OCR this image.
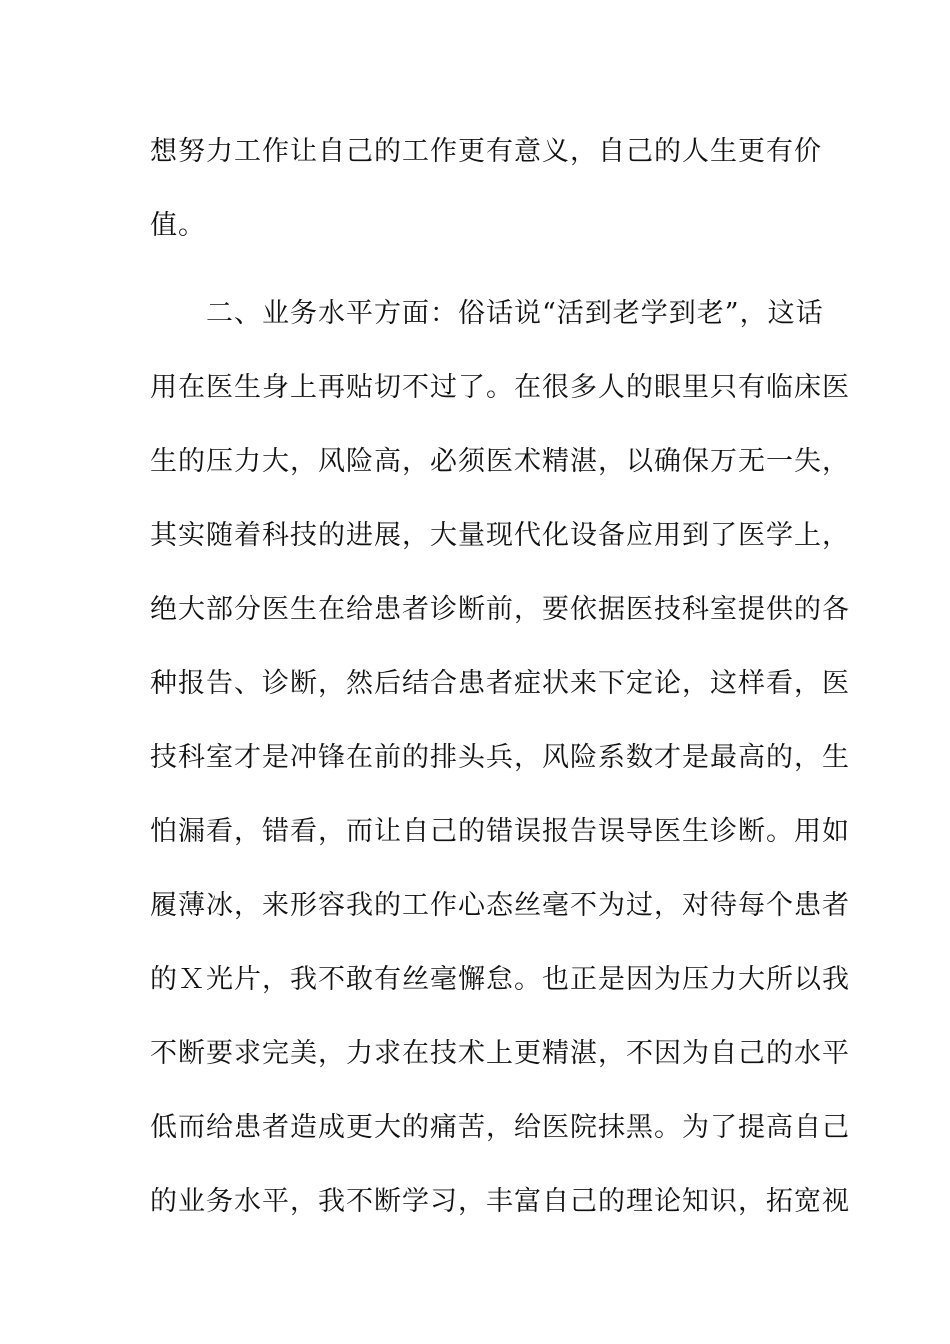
想努力工作让自己的工作更有意义，自己的人生更有价
值。
　　二、业务水平方面：俗话说“活到老学到老”，这话
用在医生身上再贴切不过了。在很多人的眼里只有临床医
生的压力大，风险高，必须医术精湛，以确保万无一失，
其实随着科技的进展，大量现代化设备应用到了医学上，
绝大部分医生在给患者诊断前，要依据医技科室提供的各
种报告、诊断，然后结合患者症状来下定论，这样看，医
技科室才是冲锋在前的排头兵，风险系数才是最高的，生
怕漏看，错看，而让自己的错误报告误导医生诊断。用如
履薄冰，来形容我的工作心态丝毫不为过，对待每个患者
的Ｘ光片，我不敢有丝毫懈怠。也正是因为压力大所以我
不断要求完美，力求在技术上更精湛，不因为自己的水平
低而给患者造成更大的痛苦，给医院抹黑。为了提高自己
的业务水平，我不断学习，丰富自己的理论知识，拓宽视
